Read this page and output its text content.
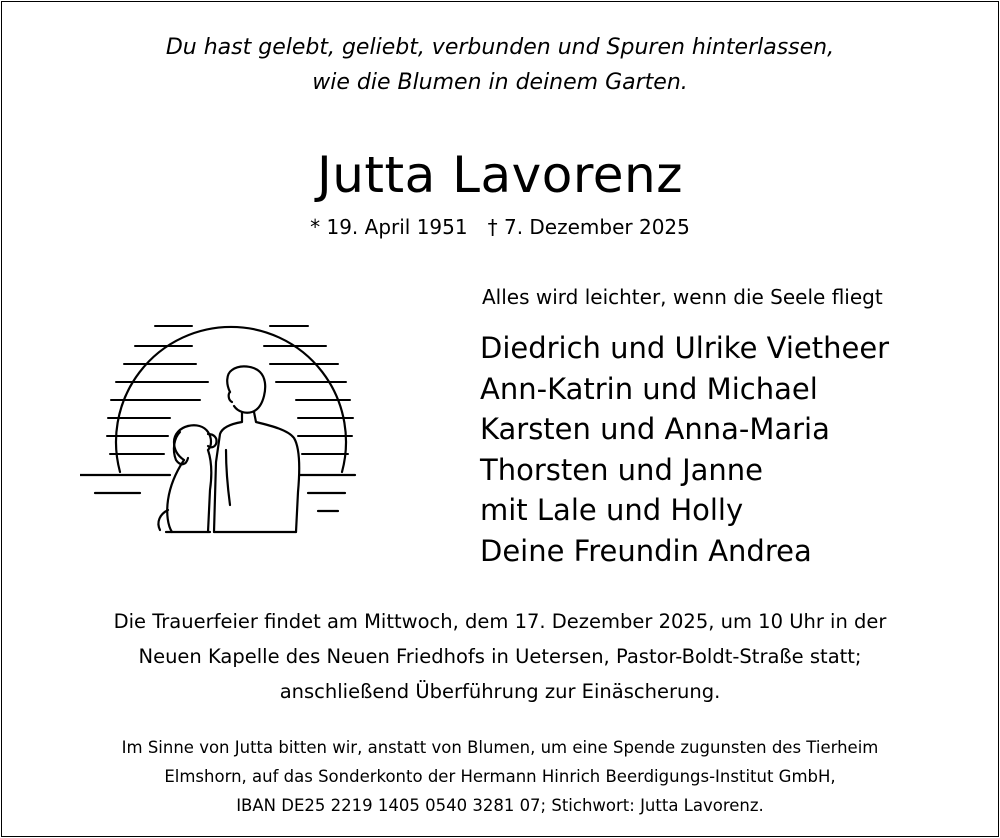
Du hast gelebt, geliebt, verbunden und Spuren hinterlassen,
wie die Blumen in deinem Garten.
Jutta Lavorenz
* 19. April 1951 † 7. Dezember 2025
Alles wird leichter, wenn die Seele fliegt
Diedrich und Ulrike Vietheer
Ann-Katrin und Michael
Karsten und Anna-Maria
Thorsten und Janne
mit Lale und Holly
Deine Freundin Andrea
Die Trauerfeier findet am Mittwoch, dem 17. Dezember 2025, um 10 Uhr in der
Neuen Kapelle des Neuen Friedhofs in Uetersen, Pastor-Boldt-Straße statt;
anschließend Überführung zur Einäscherung.
Im Sinne von Jutta bitten wir, anstatt von Blumen, um eine Spende zugunsten des Tierheim
Elmshorn, auf das Sonderkonto der Hermann Hinrich Beerdigungs-Institut GmbH,
IBAN DE25 2219 1405 0540 3281 07; Stichwort: Jutta Lavorenz.
